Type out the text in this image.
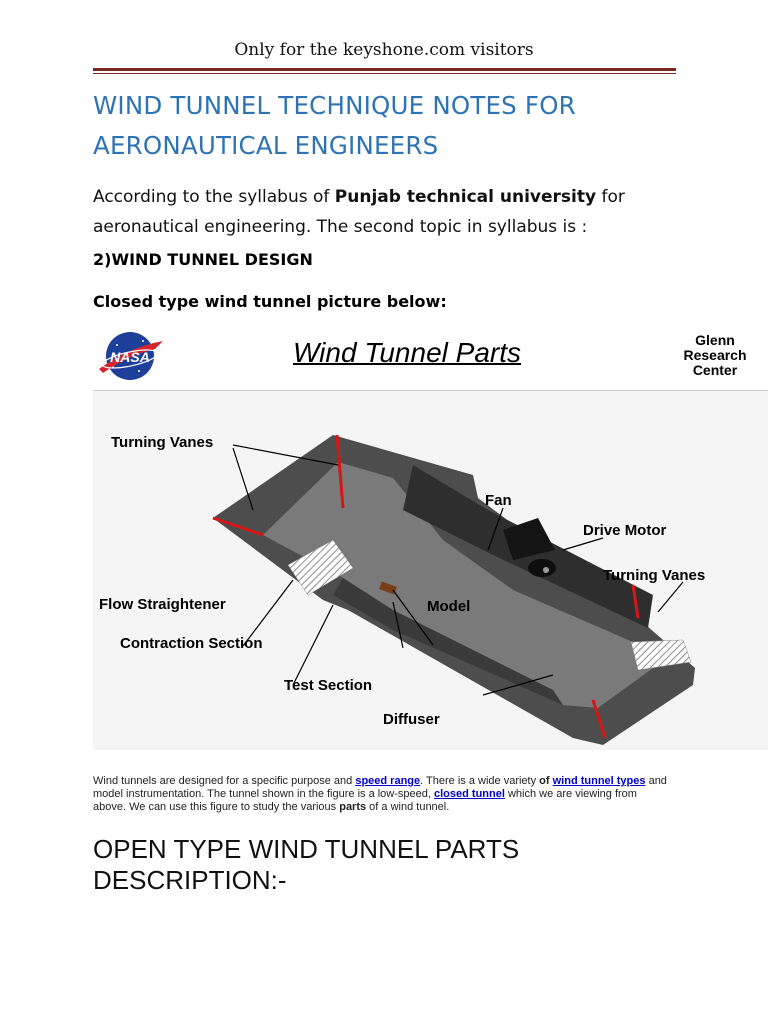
Only for the keyshone.com visitors
WIND TUNNEL TECHNIQUE NOTES FOR
AERONAUTICAL ENGINEERS
According to the syllabus of Punjab technical university for
aeronautical engineering. The second topic in syllabus is :
2)WIND TUNNEL DESIGN
Closed type wind tunnel picture below:
NASA	Wind Tunnel Parts	Glenn
Research
Center
Turning Vanes
Fan
Drive Motor
Turning Vanes
Flow Straightener	Model
Contraction Section
Test Section
Diffuser
Wind tunnels are designed for a specific purpose and speed range. There is a wide variety of wind tunnel types and model instrumentation. The tunnel shown in the figure is a low-speed, closed tunnel which we are viewing from above. We can use this figure to study the various parts of a wind tunnel.
OPEN TYPE WIND TUNNEL PARTS
DESCRIPTION:-
